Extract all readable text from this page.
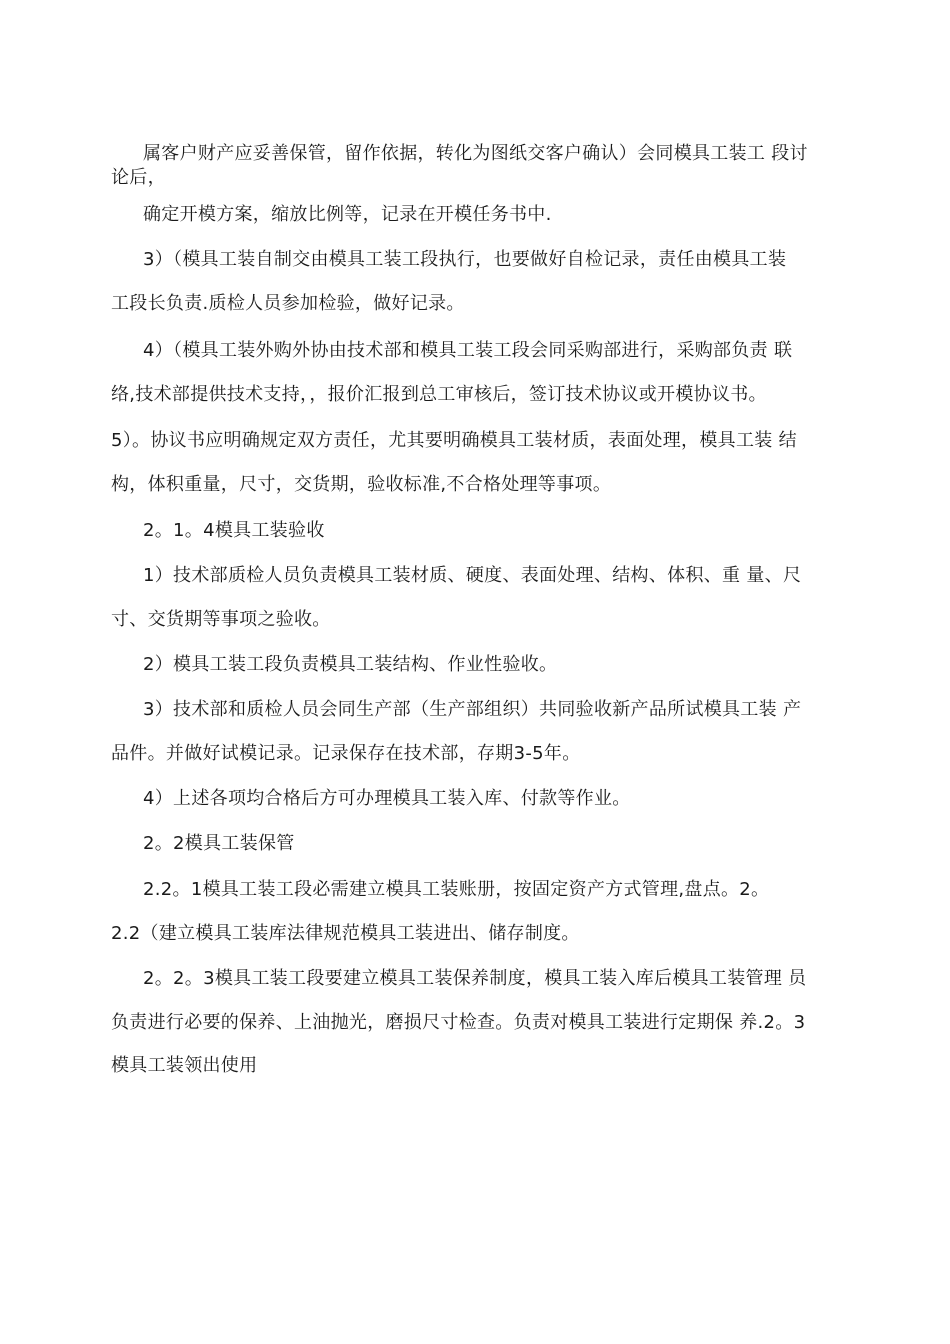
属客户财产应妥善保管，留作依据，转化为图纸交客户确认）会同模具工装工 段讨
论后，
确定开模方案，缩放比例等，记录在开模任务书中.
3）（模具工装自制交由模具工装工段执行，也要做好自检记录，责任由模具工装
工段长负责.质检人员参加检验，做好记录。
4）（模具工装外购外协由技术部和模具工装工段会同采购部进行，采购部负责 联
络,技术部提供技术支持，，报价汇报到总工审核后，签订技术协议或开模协议书。
5）。协议书应明确规定双方责任，尤其要明确模具工装材质，表面处理，模具工装 结
构，体积重量，尺寸，交货期，验收标准,不合格处理等事项。
2。1。4模具工装验收
1）技术部质检人员负责模具工装材质、硬度、表面处理、结构、体积、重 量、尺
寸、交货期等事项之验收。
2）模具工装工段负责模具工装结构、作业性验收。
3）技术部和质检人员会同生产部（生产部组织）共同验收新产品所试模具工装 产
品件。并做好试模记录。记录保存在技术部，存期3-5年。
4）上述各项均合格后方可办理模具工装入库、付款等作业。
2。2模具工装保管
2.2。1模具工装工段必需建立模具工装账册，按固定资产方式管理,盘点。2。
2.2（建立模具工装库法律规范模具工装进出、储存制度。
2。2。3模具工装工段要建立模具工装保养制度，模具工装入库后模具工装管理 员
负责进行必要的保养、上油抛光，磨损尺寸检查。负责对模具工装进行定期保 养.2。3
模具工装领出使用
